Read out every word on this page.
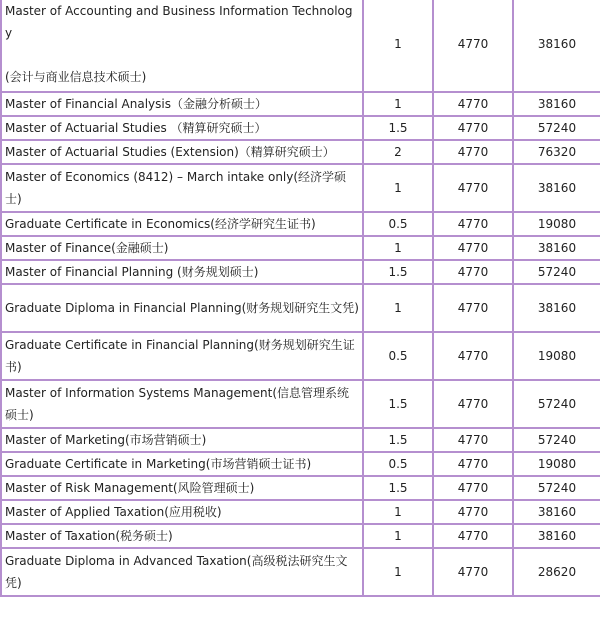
Master of Accounting and Business Information Technology
(会计与商业信息技术硕士)	1	4770	38160

Master of Financial Analysis（金融分析硕士）	1	4770	38160

Master of Actuarial Studies （精算研究硕士）	1.5	4770	57240

Master of Actuarial Studies (Extension)（精算研究硕士）	2	4770	76320

Master of Economics (8412) – March intake only(经济学硕士)	1	4770	38160

Graduate Certificate in Economics(经济学研究生证书)	0.5	4770	19080

Master of Finance(金融硕士)	1	4770	38160

Master of Financial Planning (财务规划硕士)	1.5	4770	57240

Graduate Diploma in Financial Planning(财务规划研究生文凭)	1	4770	38160

Graduate Certificate in Financial Planning(财务规划研究生证书)	0.5	4770	19080

Master of Information Systems Management(信息管理系统硕士)	1.5	4770	57240

Master of Marketing(市场营销硕士)	1.5	4770	57240

Graduate Certificate in Marketing(市场营销硕士证书)	0.5	4770	19080

Master of Risk Management(风险管理硕士)	1.5	4770	57240

Master of Applied Taxation(应用税收)	1	4770	38160

Master of Taxation(税务硕士)	1	4770	38160

Graduate Diploma in Advanced Taxation(高级税法研究生文凭)	1	4770	28620
